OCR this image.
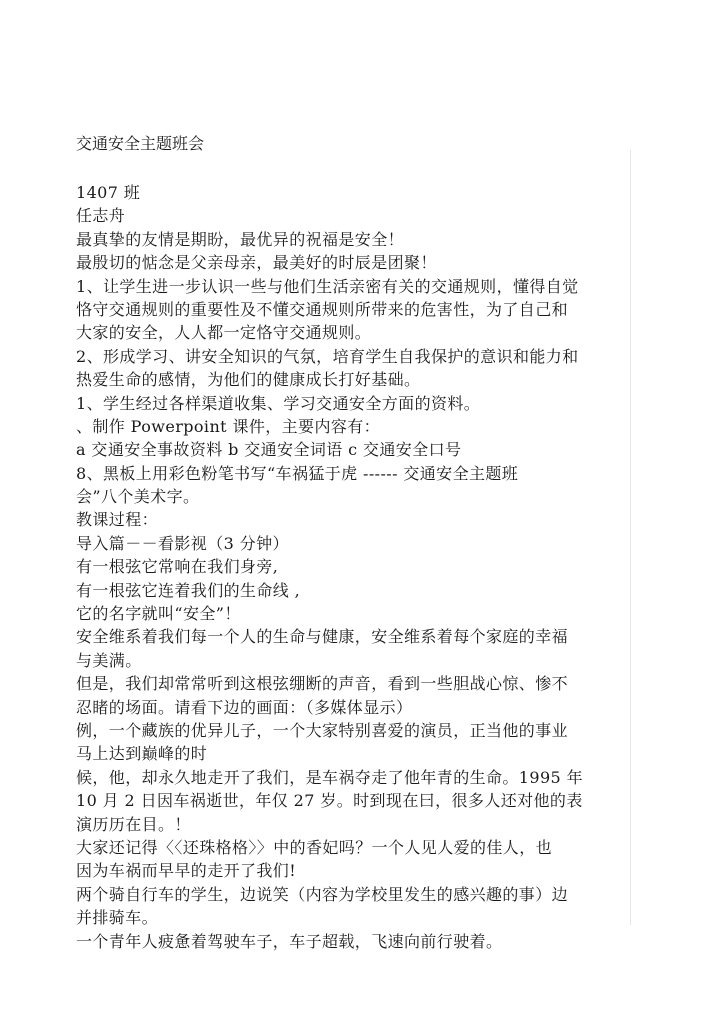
交通安全主题班会
1407 班
任志舟
最真挚的友情是期盼，最优异的祝福是安全！
最殷切的惦念是父亲母亲，最美好的时辰是团聚！
1、让学生进一步认识一些与他们生活亲密有关的交通规则，懂得自觉
恪守交通规则的重要性及不懂交通规则所带来的危害性，为了自己和
大家的安全，人人都一定恪守交通规则。
2、形成学习、讲安全知识的气氛，培育学生自我保护的意识和能力和
热爱生命的感情，为他们的健康成长打好基础。
1、学生经过各样渠道收集、学习交通安全方面的资料。
、制作 Powerpoint 课件，主要内容有：
a 交通安全事故资料 b 交通安全词语 c 交通安全口号
8、黑板上用彩色粉笔书写“车祸猛于虎 ------ 交通安全主题班
会”八个美术字。
教课过程：
导入篇－－看影视（3 分钟）
有一根弦它常响在我们身旁,
有一根弦它连着我们的生命线 ,
它的名字就叫“安全”！
安全维系着我们每一个人的生命与健康，安全维系着每个家庭的幸福
与美满。
但是，我们却常常听到这根弦绷断的声音，看到一些胆战心惊、惨不
忍睹的场面。请看下边的画面：（多媒体显示）
例，一个藏族的优异儿子，一个大家特别喜爱的演员，正当他的事业
马上达到巅峰的时
候，他，却永久地走开了我们，是车祸夺走了他年青的生命。1995 年
10 月 2 日因车祸逝世，年仅 27 岁。时到现在曰，很多人还对他的表
演历历在目。！
大家还记得〈〈还珠格格〉〉中的香妃吗？一个人见人爱的佳人，也
因为车祸而早早的走开了我们!
两个骑自行车的学生，边说笑（内容为学校里发生的感兴趣的事）边
并排骑车。
一个青年人疲惫着驾驶车子，车子超载，飞速向前行驶着。
